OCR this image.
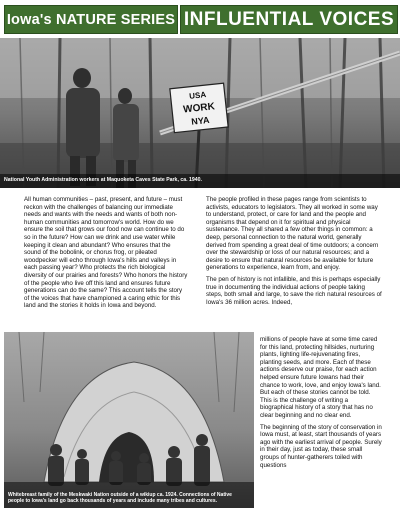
Iowa's NATURE SERIES INFLUENTIAL VOICES
USA
WORK
NYA
National Youth Administration workers at Maquoketa Caves State Park, ca. 1940.

All human communities – past, present, and future – must reckon with the challenges of balancing our immediate needs and wants with the needs and wants of both non-human communities and tomorrow's world. How do we ensure the soil that grows our food now can continue to do so in the future? How can we drink and use water while keeping it clean and abundant? Who ensures that the sound of the bobolink, or chorus frog, or pileated woodpecker will echo through Iowa's hills and valleys in each passing year? Who protects the rich biological diversity of our prairies and forests? Who honors the history of the people who live off this land and ensures future generations can do the same? This account tells the story of the voices that have championed a caring ethic for this land and the stories it holds in Iowa and beyond.

The people profiled in these pages range from scientists to activists, educators to legislators. They all worked in some way to understand, protect, or care for land and the people and organisms that depend on it for spiritual and physical sustenance. They all shared a few other things in common: a deep, personal connection to the natural world, generally derived from spending a great deal of time outdoors; a concern over the stewardship or loss of our natural resources; and a desire to ensure that natural resources be available for future generations to experience, learn from, and enjoy.

The pen of history is not infallible, and this is perhaps especially true in documenting the individual actions of people taking steps, both small and large, to save the rich natural resources of Iowa's 36 million acres. Indeed,

millions of people have at some time cared for this land, protecting hillsides, nurturing plants, lighting life-rejuvenating fires, planting seeds, and more. Each of these actions deserve our praise, for each action helped ensure future Iowans had their chance to work, love, and enjoy Iowa's land. But each of these stories cannot be told. This is the challenge of writing a biographical history of a story that has no clear beginning and no clear end.

The beginning of the story of conservation in Iowa must, at least, start thousands of years ago with the earliest arrival of people. Surely in their day, just as today, these small groups of hunter-gatherers toiled with questions

Whitebreast family of the Meskwaki Nation outside of a wikiup ca. 1924. Connections of Native people to Iowa's land go back thousands of years and include many tribes and cultures.
